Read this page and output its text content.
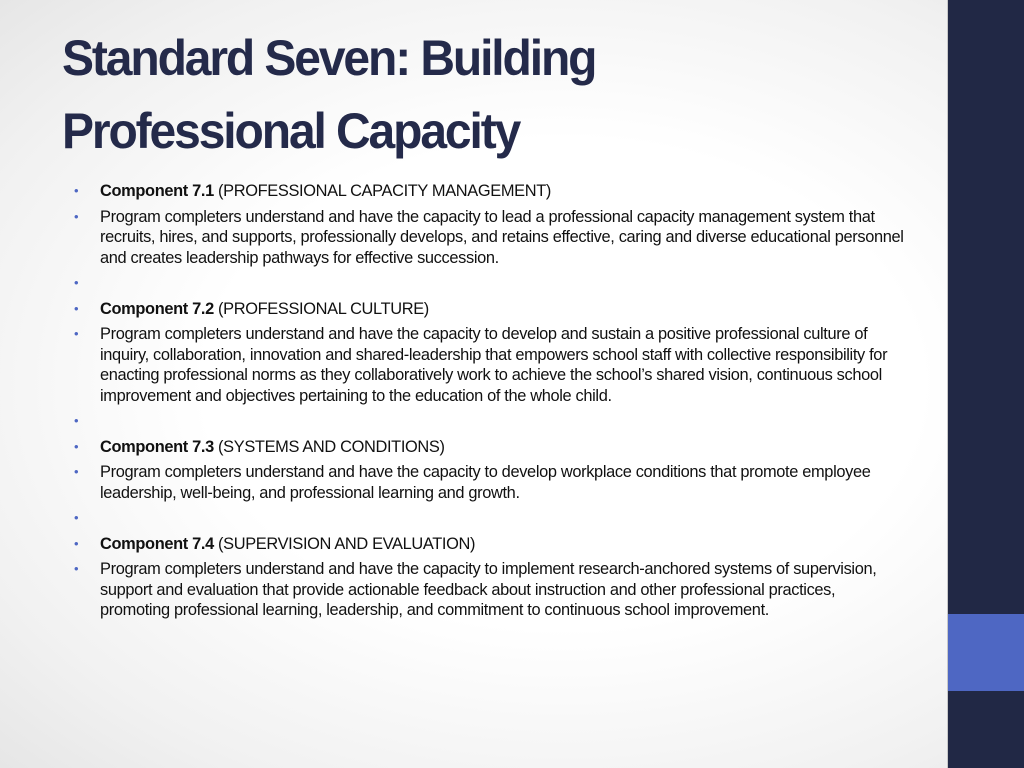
Standard Seven: Building
Professional Capacity
• Component 7.1 (PROFESSIONAL CAPACITY MANAGEMENT)
• Program completers understand and have the capacity to lead a professional capacity management system that recruits, hires, and supports, professionally develops, and retains effective, caring and diverse educational personnel and creates leadership pathways for effective succession.
•
• Component 7.2 (PROFESSIONAL CULTURE)
• Program completers understand and have the capacity to develop and sustain a positive professional culture of inquiry, collaboration, innovation and shared-leadership that empowers school staff with collective responsibility for enacting professional norms as they collaboratively work to achieve the school’s shared vision, continuous school improvement and objectives pertaining to the education of the whole child.
•
• Component 7.3 (SYSTEMS AND CONDITIONS)
• Program completers understand and have the capacity to develop workplace conditions that promote employee leadership, well-being, and professional learning and growth.
•
• Component 7.4 (SUPERVISION AND EVALUATION)
• Program completers understand and have the capacity to implement research-anchored systems of supervision, support and evaluation that provide actionable feedback about instruction and other professional practices, promoting professional learning, leadership, and commitment to continuous school improvement.
